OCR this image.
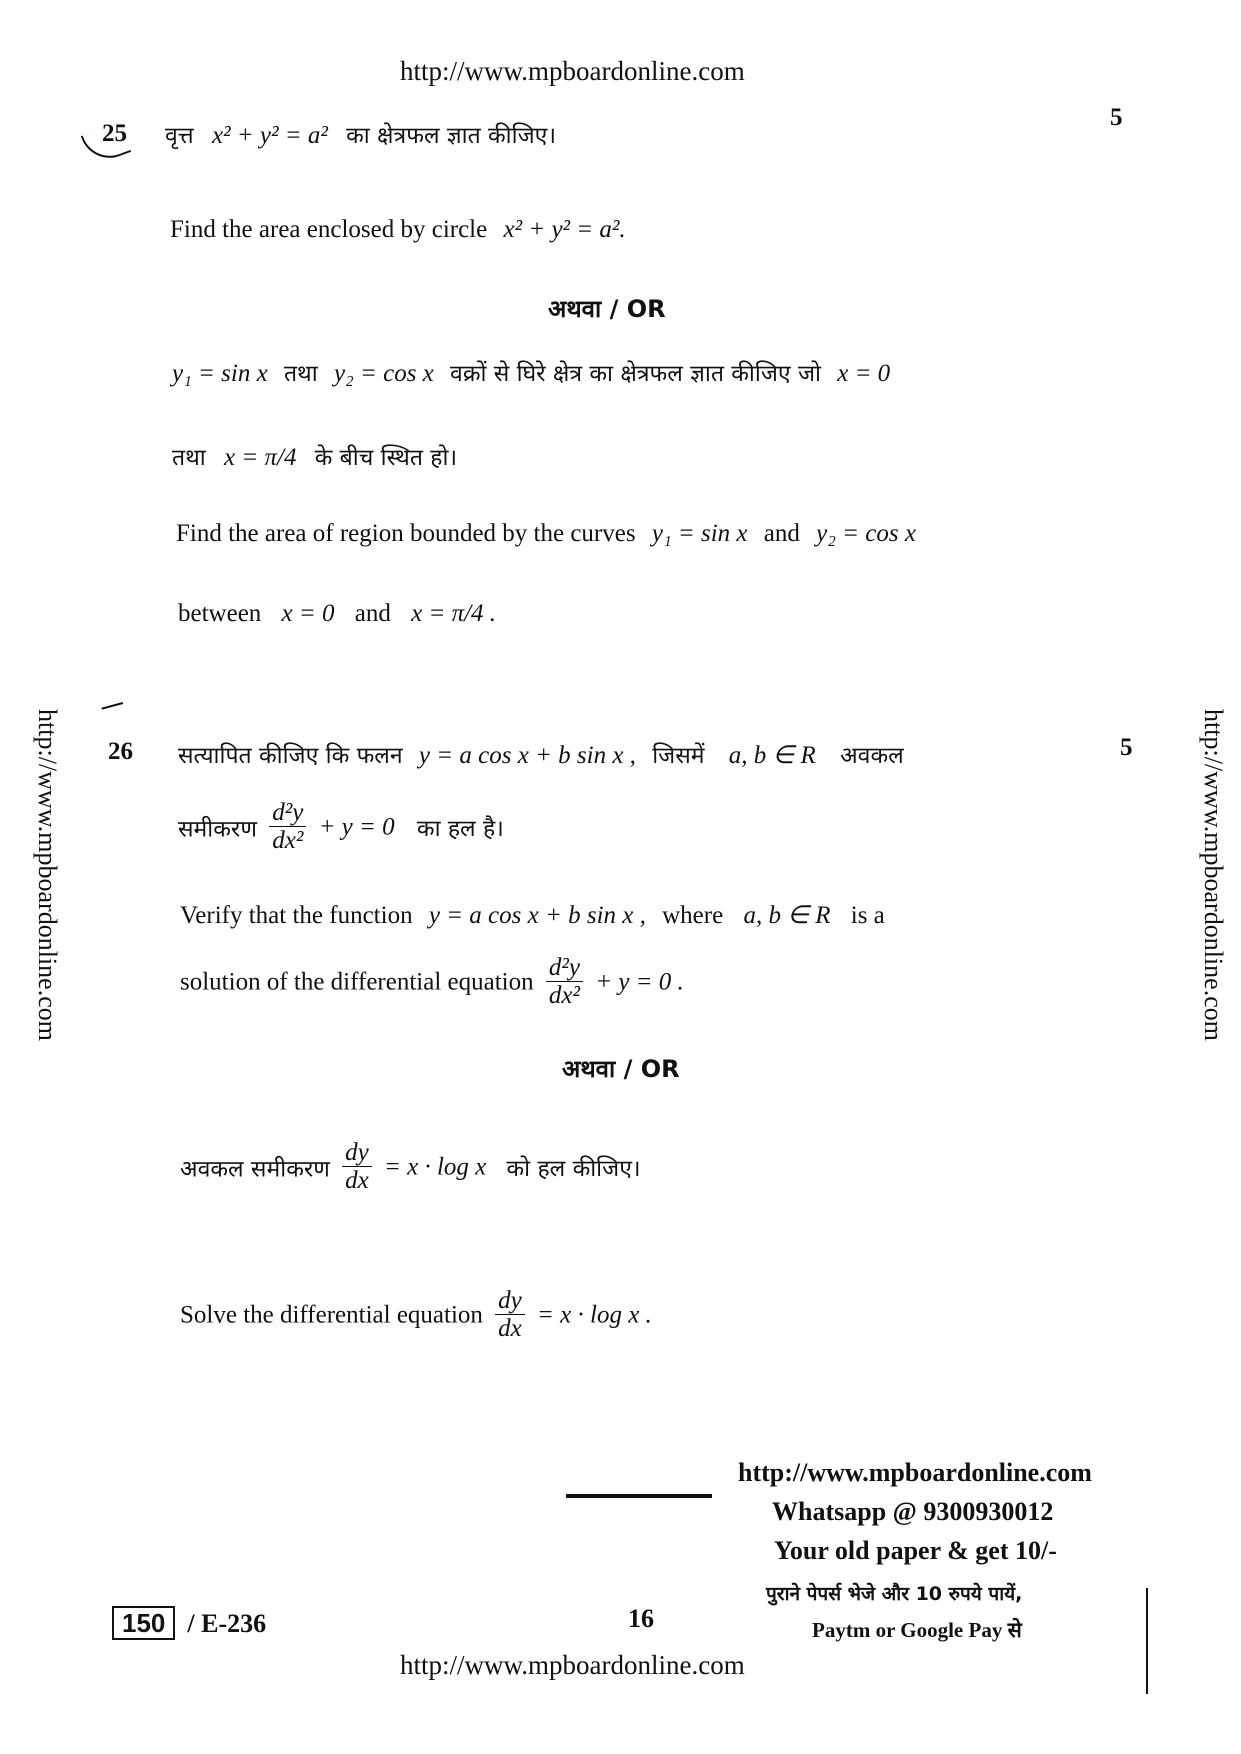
http://www.mpboardonline.com
http://www.mpboardonline.com	http://www.mpboardonline.com
25
5
वृत्त x² + y² = a² का क्षेत्रफल ज्ञात कीजिए।
Find the area enclosed by circle x² + y² = a².
अथवा / OR
y₁ = sin x तथा y₂ = cos x वक्रों से घिरे क्षेत्र का क्षेत्रफल ज्ञात कीजिए जो x = 0
तथा x = π/4 के बीच स्थित हो।
Find the area of region bounded by the curves y₁ = sin x and y₂ = cos x
between x = 0 and x = π/4 .
26	5
सत्यापित कीजिए कि फलन y = a cos x + b sin x , जिसमें a, b ∈ R अवकल
समीकरण $\frac{\text{d²y}}{\text{dx²}} + y = 0$ का हल है।
Verify that the function y = a cos x + b sin x , where a, b ∈ R is a
solution of the differential equation $\frac{\text{d²y}}{\text{dx²}} + y = 0$ .
अथवा / OR
अवकल समीकरण $\frac{dy}{dx} = x \cdot \log x$ को हल कीजिए।
Solve the differential equation $\frac{dy}{dx} = x \cdot \log x$ .
http://www.mpboardonline.com
Whatsapp @ 9300930012
Your old paper & get 10/-
पुराने पेपर्स भेजे और 10 रुपये पायें,
Paytm or Google Pay से
150 / E-236	16
http://www.mpboardonline.com
